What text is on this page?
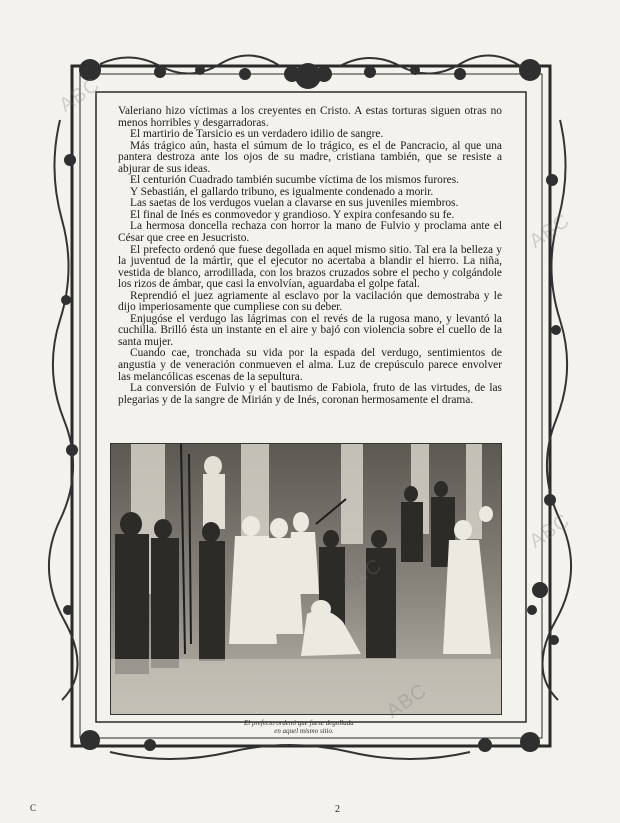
Valeriano hizo víctimas a los creyentes en Cristo. A estas torturas siguen otras no menos horribles y desgarradoras.

El martirio de Tarsicio es un verdadero idilio de sangre.

Más trágico aún, hasta el súmum de lo trágico, es el de Pancracio, al que una pantera destroza ante los ojos de su madre, cristiana también, que se resiste a abjurar de sus ideas.

El centurión Cuadrado también sucumbe víctima de los mismos furores.

Y Sebastián, el gallardo tribuno, es igualmente condenado a morir.

Las saetas de los verdugos vuelan a clavarse en sus juveniles miembros.

El final de Inés es conmovedor y grandioso. Y expira confesando su fe.

La hermosa doncella rechaza con horror la mano de Fulvio y proclama ante el César que cree en Jesucristo.

El prefecto ordenó que fuese degollada en aquel mismo sitio. Tal era la belleza y la juventud de la mártir, que el ejecutor no acertaba a blandir el hierro. La niña, vestida de blanco, arrodillada, con los brazos cruzados sobre el pecho y colgándole los rizos de ámbar, que casi la envolvían, aguardaba el golpe fatal.

Reprendió el juez agriamente al esclavo por la vacilación que demostraba y le dijo imperiosamente que cumpliese con su deber.

Enjugóse el verdugo las lágrimas con el revés de la rugosa mano, y levantó la cuchilla. Brilló ésta un instante en el aire y bajó con violencia sobre el cuello de la santa mujer.

Cuando cae, tronchada su vida por la espada del verdugo, sentimientos de angustia y de veneración conmueven el alma. Luz de crepúsculo parece envolver las melancólicas escenas de la sepultura.

La conversión de Fulvio y el bautismo de Fabiola, fruto de las virtudes, de las plegarias y de la sangre de Mirián y de Inés, coronan hermosamente el drama.

El prefecto ordenó que fuese degollada
en aquel mismo sitio.
ABC
ABC
ABC
ABC
ABC
C	2
